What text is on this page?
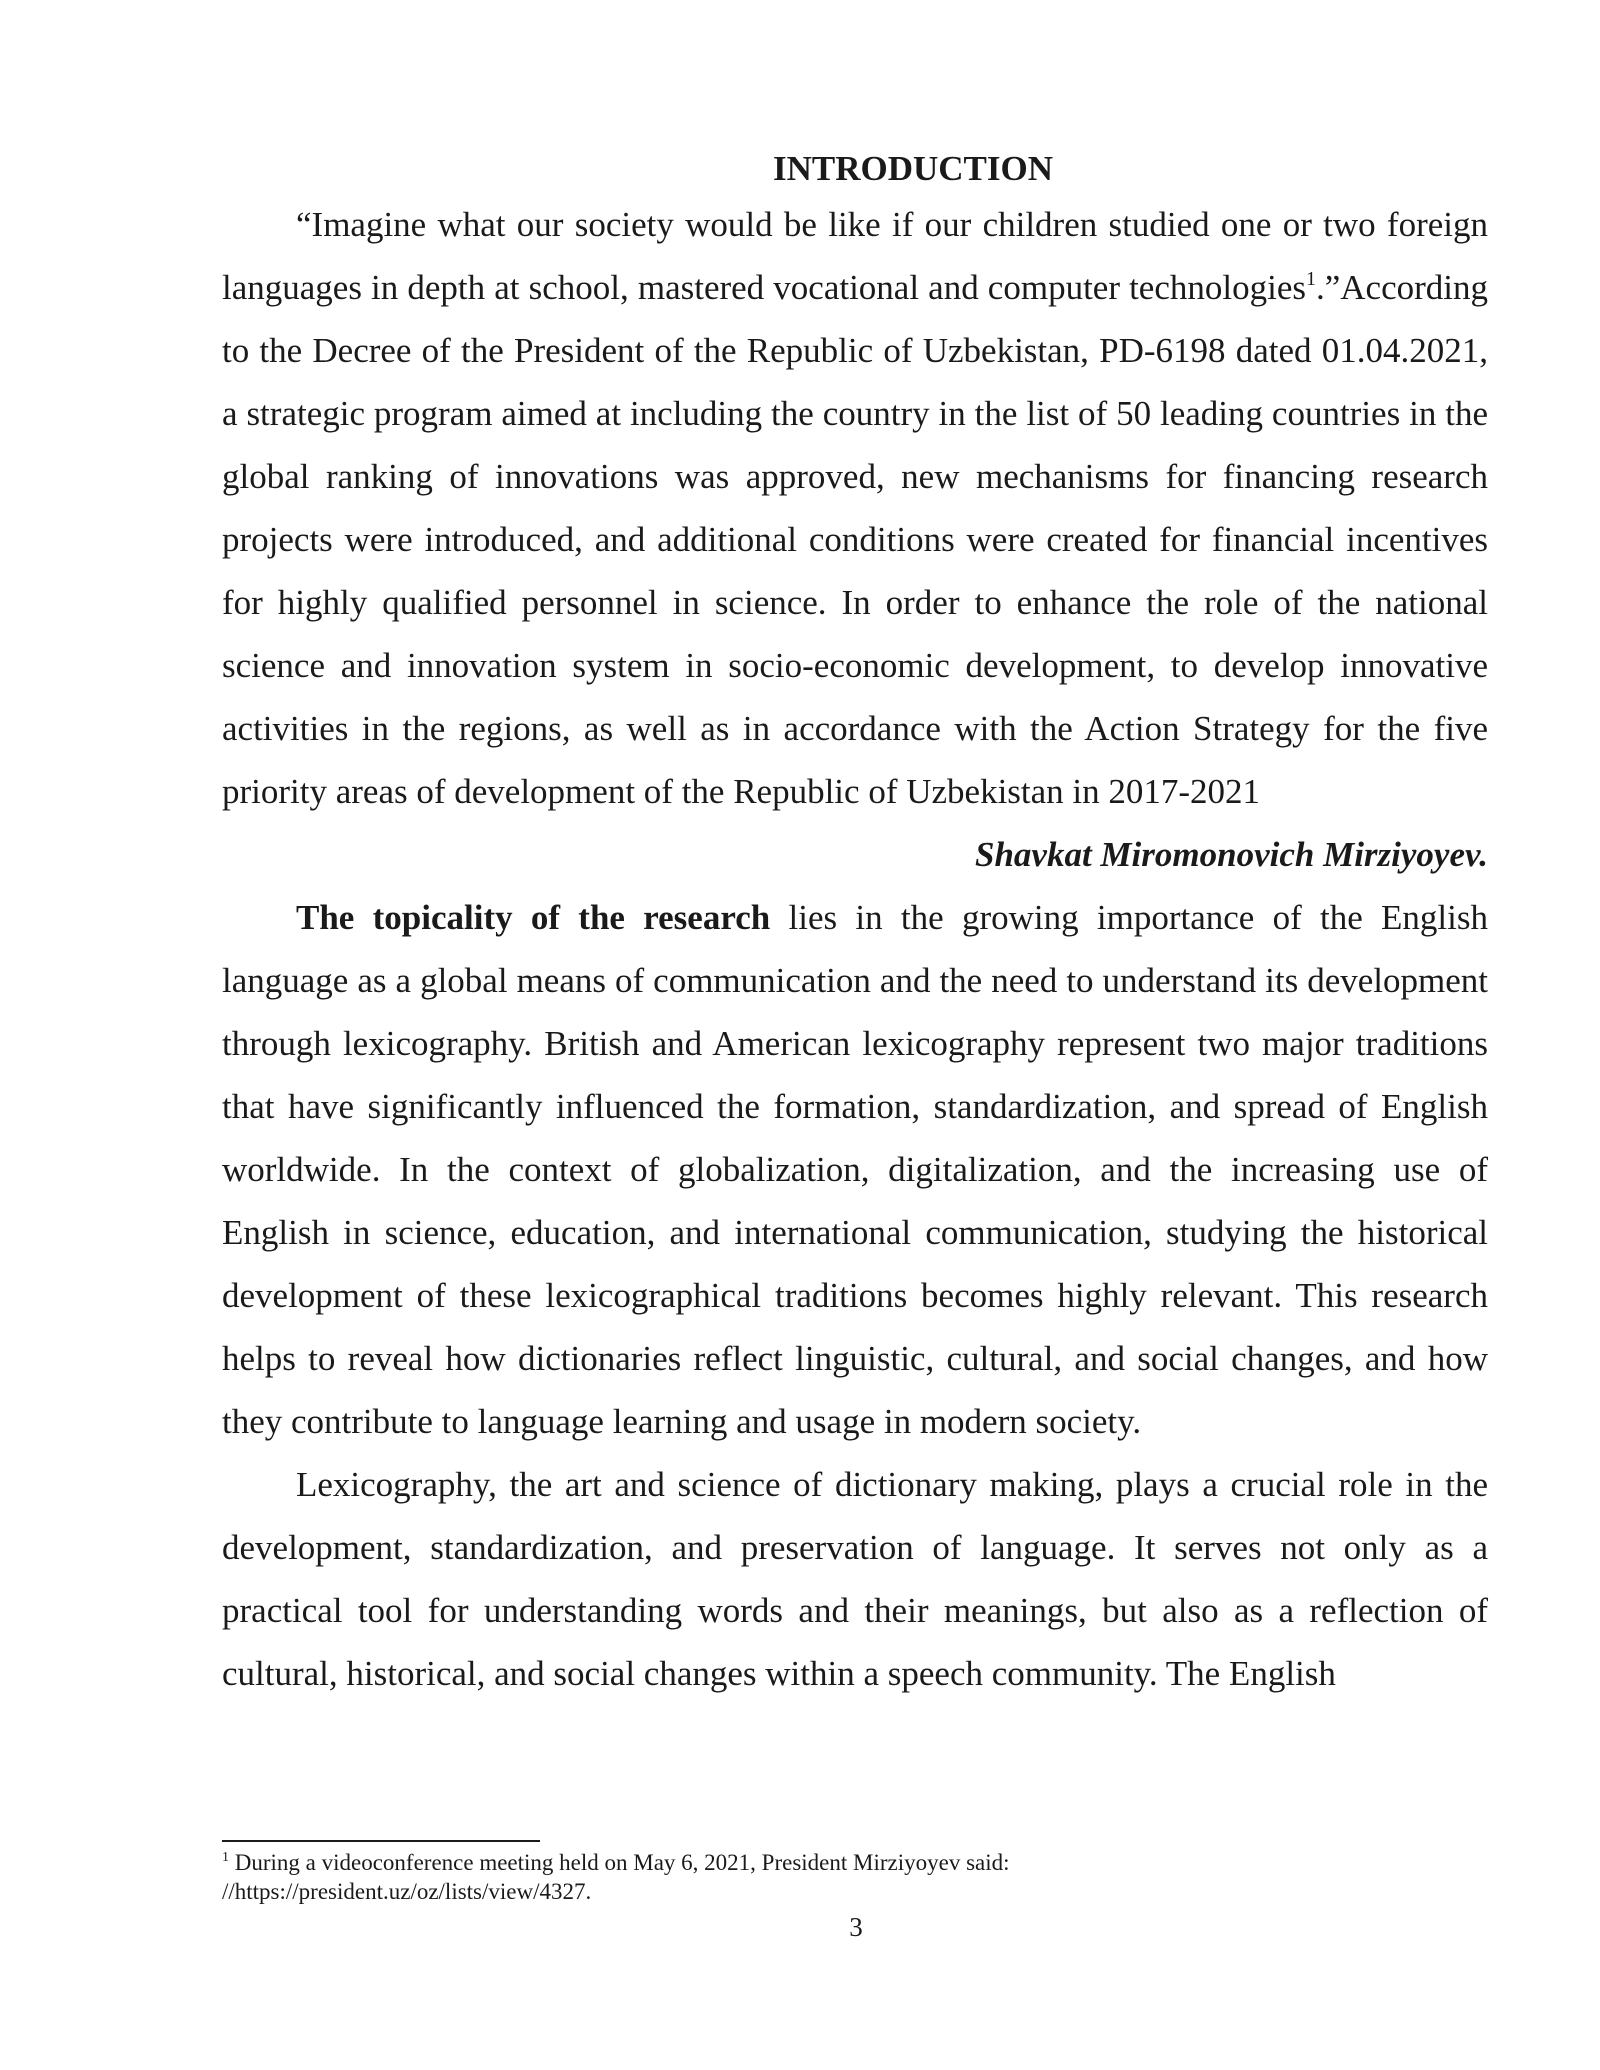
INTRODUCTION

“Imagine what our society would be like if our children studied one or two foreign languages in depth at school, mastered vocational and computer technologies$^1$.”According to the Decree of the President of the Republic of Uzbekistan, PD-6198 dated 01.04.2021, a strategic program aimed at including the country in the list of 50 leading countries in the global ranking of innovations was approved, new mechanisms for financing research projects were introduced, and additional conditions were created for financial incentives for highly qualified personnel in science. In order to enhance the role of the national science and innovation system in socio-economic development, to develop innovative activities in the regions, as well as in accordance with the Action Strategy for the five priority areas of development of the Republic of Uzbekistan in 2017-2021

Shavkat Miromonovich Mirziyoyev.

The topicality of the research lies in the growing importance of the English language as a global means of communication and the need to understand its development through lexicography. British and American lexicography represent two major traditions that have significantly influenced the formation, standardization, and spread of English worldwide. In the context of globalization, digitalization, and the increasing use of English in science, education, and international communication, studying the historical development of these lexicographical traditions becomes highly relevant. This research helps to reveal how dictionaries reflect linguistic, cultural, and social changes, and how they contribute to language learning and usage in modern society.

Lexicography, the art and science of dictionary making, plays a crucial role in the development, standardization, and preservation of language. It serves not only as a practical tool for understanding words and their meanings, but also as a reflection of cultural, historical, and social changes within a speech community. The English

$^1$ During a videoconference meeting held on May 6, 2021, President Mirziyoyev said:
//https://president.uz/oz/lists/view/4327.
3
